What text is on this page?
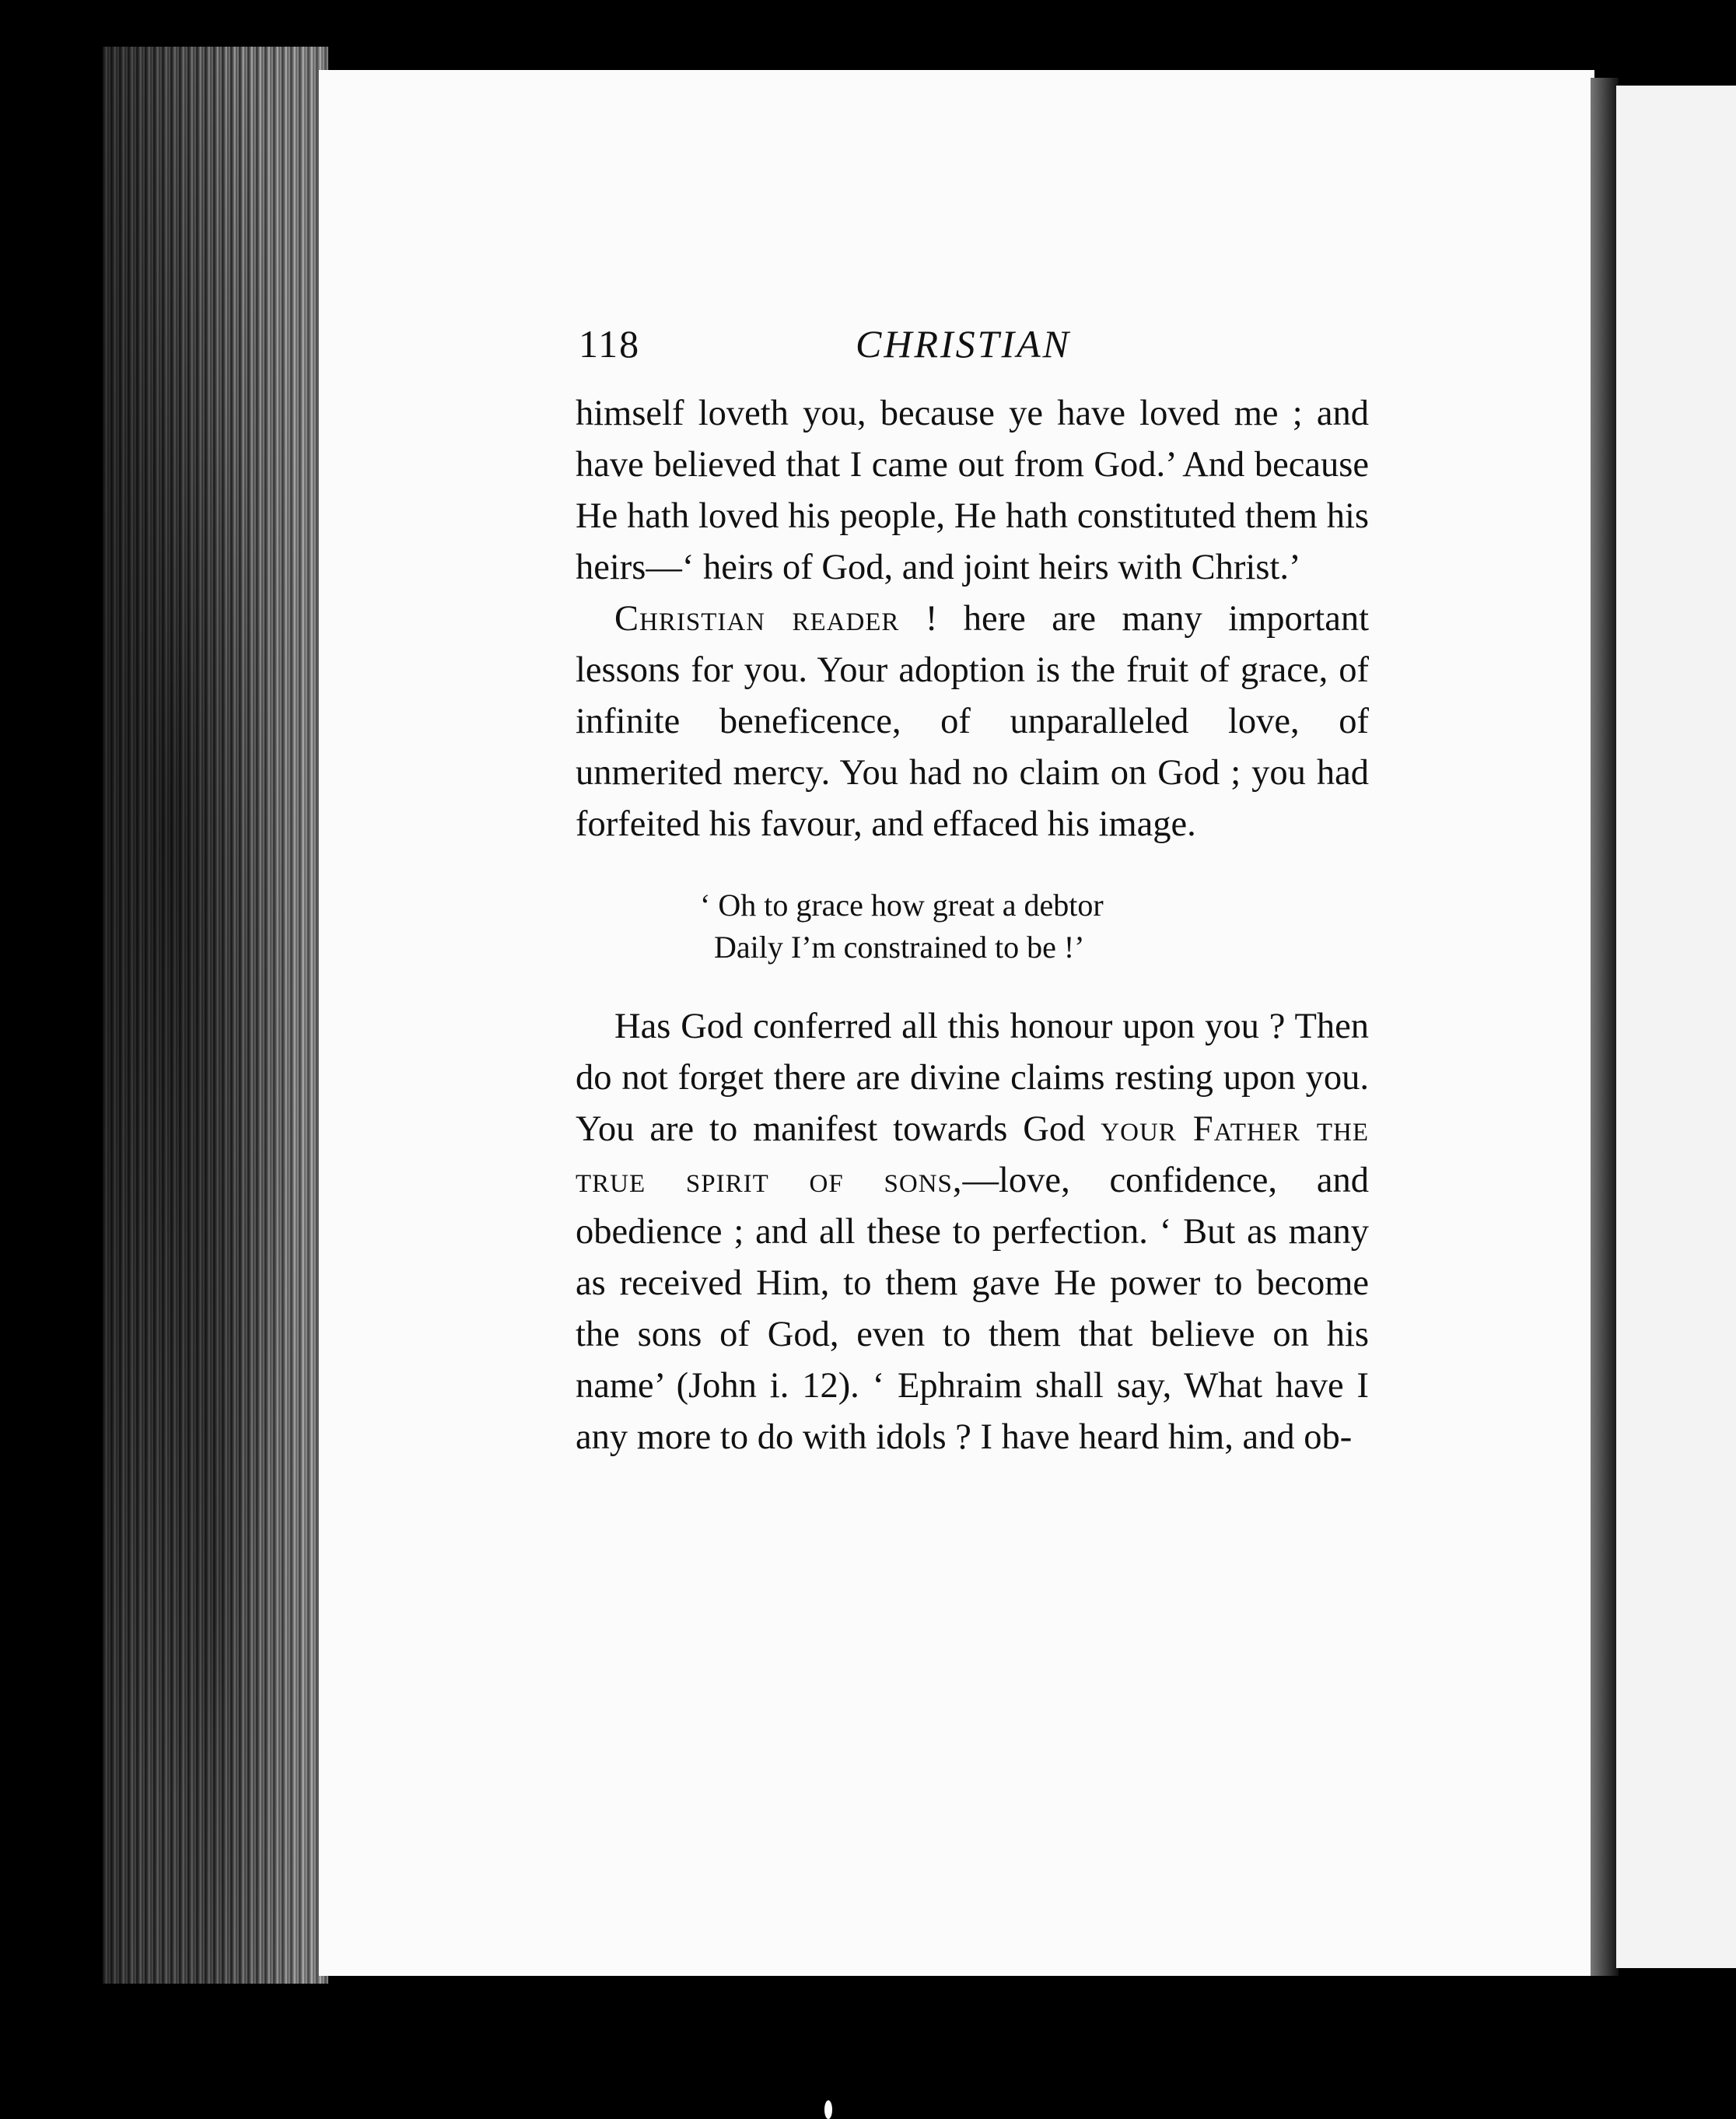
118	CHRISTIAN

himself loveth you, because ye have loved me ; and have believed that I came out from God.’ And because He hath loved his people, He hath constituted them his heirs—‘ heirs of God, and joint heirs with Christ.’

Christian reader ! here are many important lessons for you. Your adoption is the fruit of grace, of infinite beneficence, of unparalleled love, of unmerited mercy. You had no claim on God ; you had forfeited his favour, and effaced his image.

‘ Oh to grace how great a debtor
Daily I’m constrained to be !’

Has God conferred all this honour upon you ? Then do not forget there are divine claims resting upon you. You are to manifest towards God your Father the true spirit of sons,—love, confidence, and obedience ; and all these to perfection. ‘ But as many as received Him, to them gave He power to become the sons of God, even to them that believe on his name’ (John i. 12). ‘ Ephraim shall say, What have I any more to do with idols ? I have heard him, and ob-
